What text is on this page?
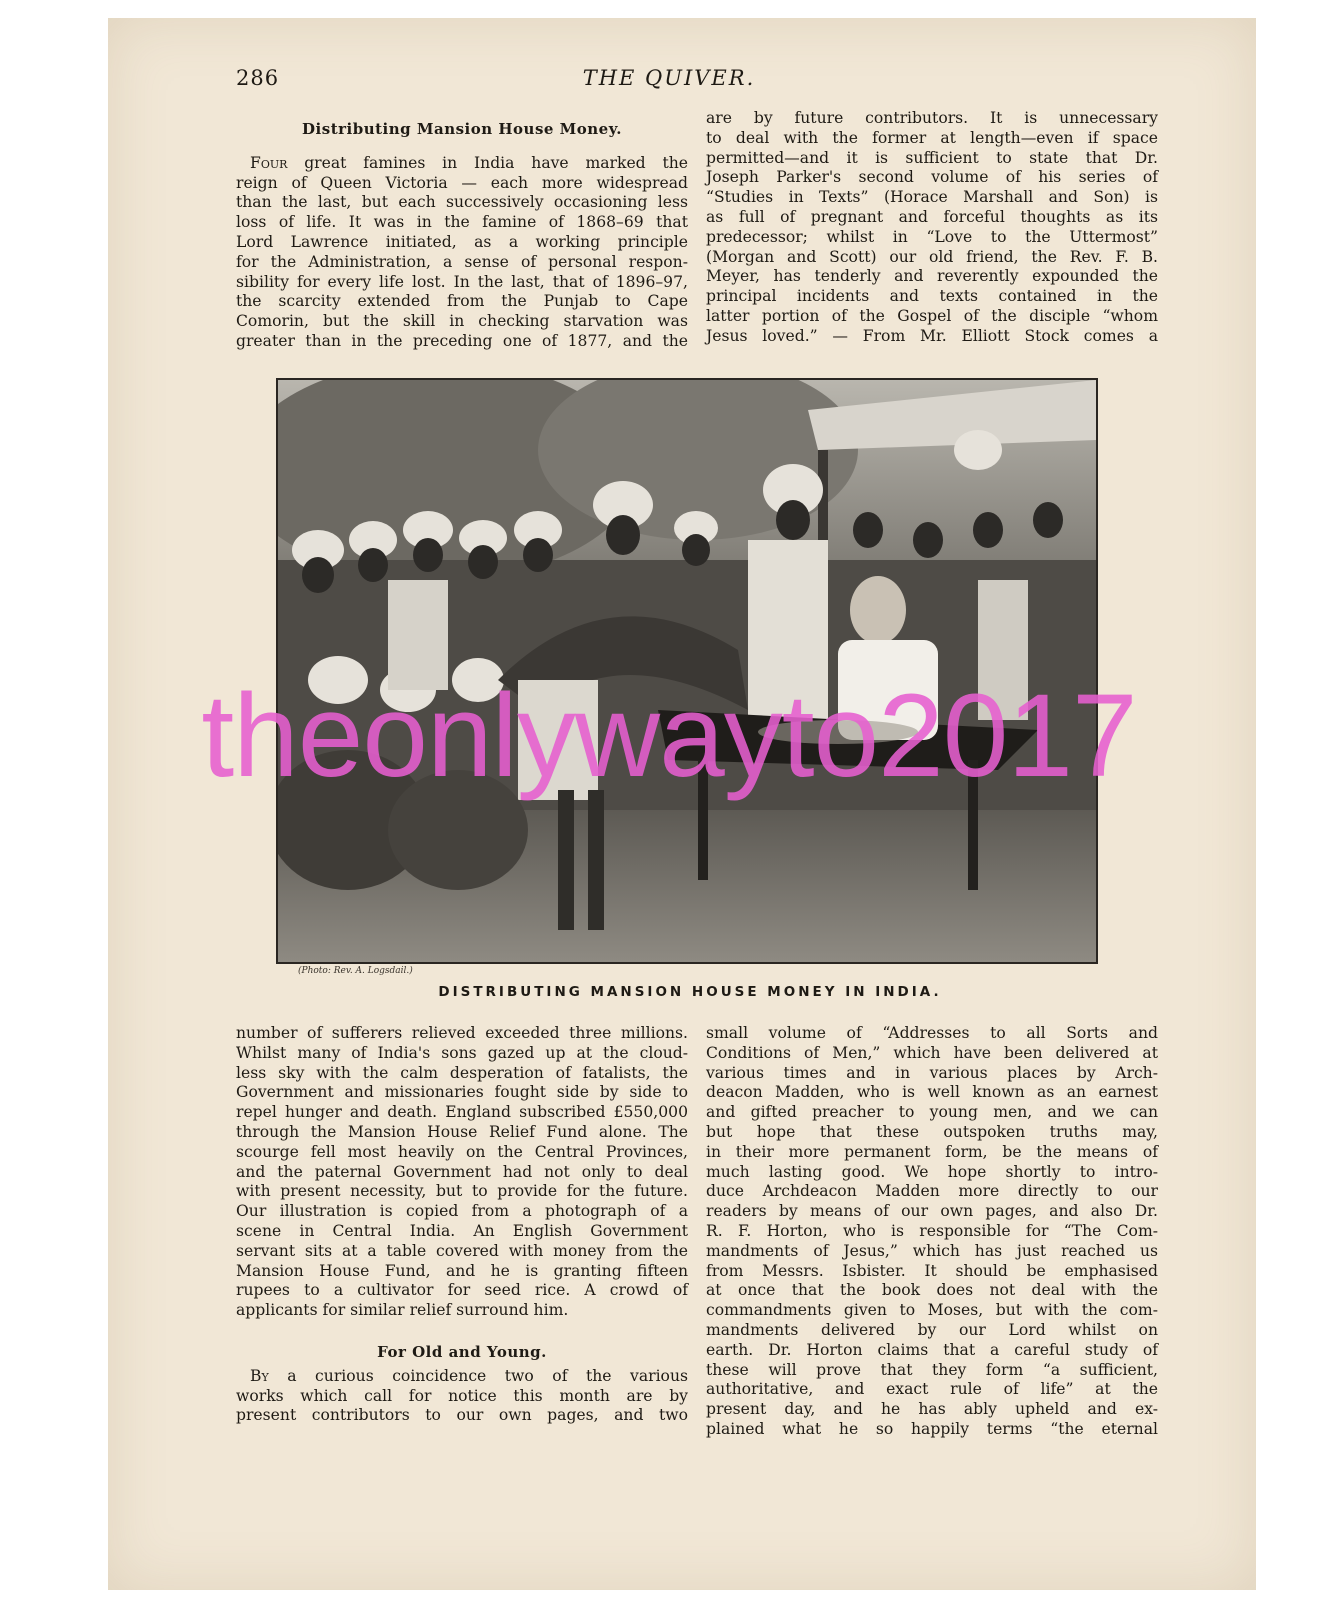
286	THE QUIVER.
Distributing Mansion House Money.
Four great famines in India have marked the
reign of Queen Victoria — each more widespread
than the last, but each successively occasioning less
loss of life. It was in the famine of 1868–69 that
Lord Lawrence initiated, as a working principle
for the Administration, a sense of personal respon-
sibility for every life lost. In the last, that of 1896–97,
the scarcity extended from the Punjab to Cape
Comorin, but the skill in checking starvation was
greater than in the preceding one of 1877, and the
are by future contributors. It is unnecessary
to deal with the former at length—even if space
permitted—and it is sufficient to state that Dr.
Joseph Parker's second volume of his series of
“Studies in Texts” (Horace Marshall and Son) is
as full of pregnant and forceful thoughts as its
predecessor; whilst in “Love to the Uttermost”
(Morgan and Scott) our old friend, the Rev. F. B.
Meyer, has tenderly and reverently expounded the
principal incidents and texts contained in the
latter portion of the Gospel of the disciple “whom
Jesus loved.” — From Mr. Elliott Stock comes a
(Photo: Rev. A. Logsdail.)
DISTRIBUTING MANSION HOUSE MONEY IN INDIA.
number of sufferers relieved exceeded three millions.
Whilst many of India's sons gazed up at the cloud-
less sky with the calm desperation of fatalists, the
Government and missionaries fought side by side to
repel hunger and death. England subscribed £550,000
through the Mansion House Relief Fund alone. The
scourge fell most heavily on the Central Provinces,
and the paternal Government had not only to deal
with present necessity, but to provide for the future.
Our illustration is copied from a photograph of a
scene in Central India. An English Government
servant sits at a table covered with money from the
Mansion House Fund, and he is granting fifteen
rupees to a cultivator for seed rice. A crowd of
applicants for similar relief surround him.
For Old and Young.
By a curious coincidence two of the various
works which call for notice this month are by
present contributors to our own pages, and two
small volume of “Addresses to all Sorts and
Conditions of Men,” which have been delivered at
various times and in various places by Arch-
deacon Madden, who is well known as an earnest
and gifted preacher to young men, and we can
but hope that these outspoken truths may,
in their more permanent form, be the means of
much lasting good. We hope shortly to intro-
duce Archdeacon Madden more directly to our
readers by means of our own pages, and also Dr.
R. F. Horton, who is responsible for “The Com-
mandments of Jesus,” which has just reached us
from Messrs. Isbister. It should be emphasised
at once that the book does not deal with the
commandments given to Moses, but with the com-
mandments delivered by our Lord whilst on
earth. Dr. Horton claims that a careful study of
these will prove that they form “a sufficient,
authoritative, and exact rule of life” at the
present day, and he has ably upheld and ex-
plained what he so happily terms “the eternal
theonlywayto2017
